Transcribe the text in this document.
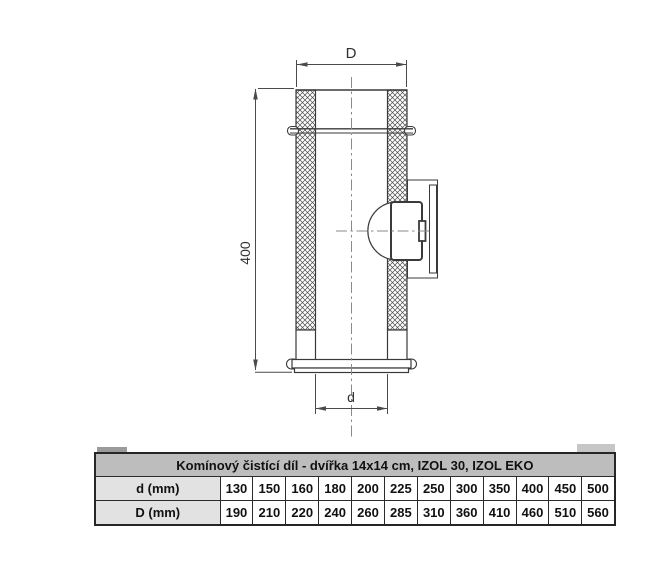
D
400
d
Komínový čistící díl - dvířka 14x14 cm, IZOL 30, IZOL EKO												
d (mm)	130	150	160	180	200	225	250	300	350	400	450	500
D (mm)	190	210	220	240	260	285	310	360	410	460	510	560
